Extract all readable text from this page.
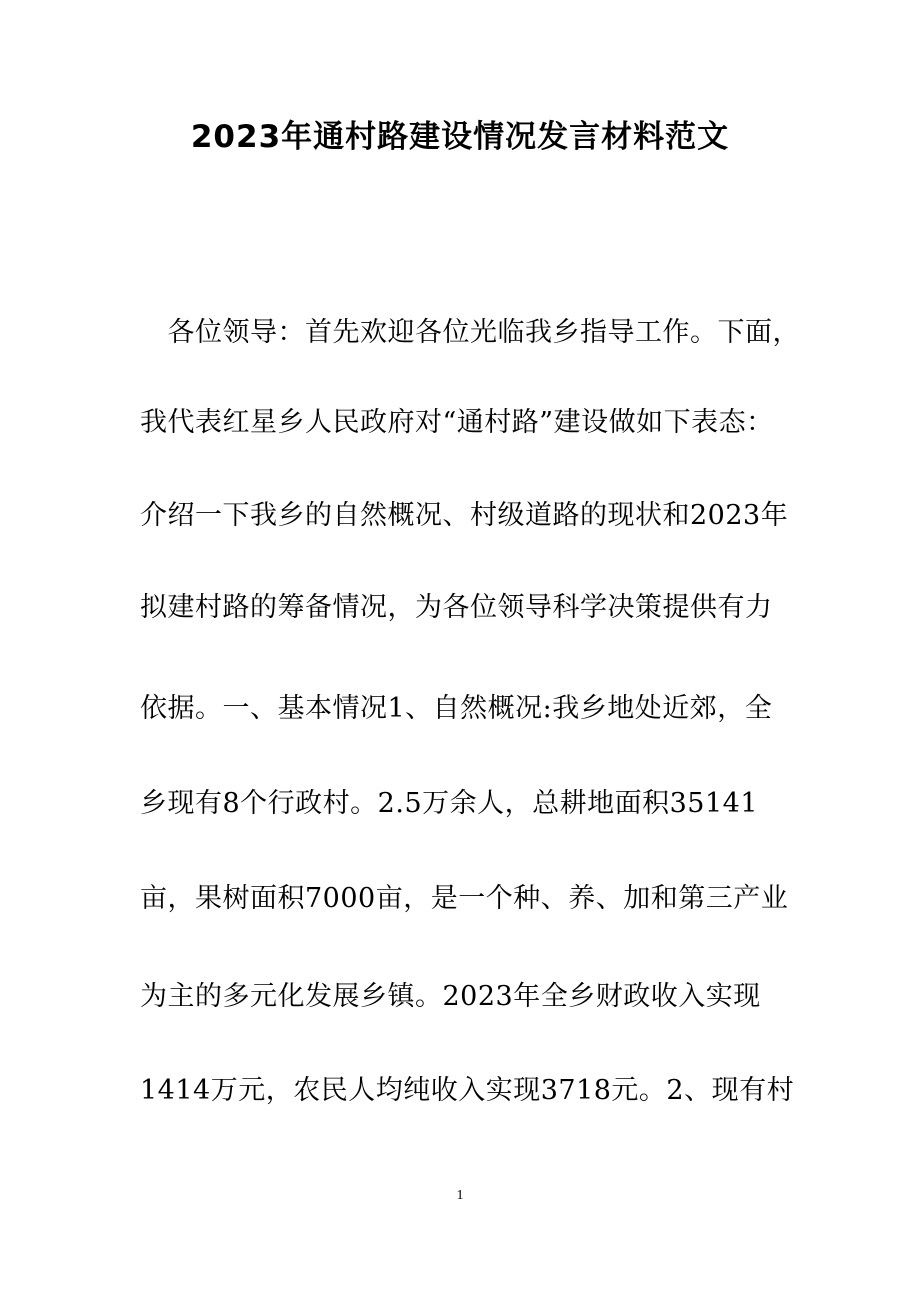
2023年通村路建设情况发言材料范文
　各位领导：首先欢迎各位光临我乡指导工作。下面，
我代表红星乡人民政府对“通村路”建设做如下表态：
介绍一下我乡的自然概况、村级道路的现状和2023年
拟建村路的筹备情况，为各位领导科学决策提供有力
依据。一、基本情况1、自然概况:我乡地处近郊，全
乡现有8个行政村。2.5万余人，总耕地面积35141
亩，果树面积7000亩，是一个种、养、加和第三产业
为主的多元化发展乡镇。2023年全乡财政收入实现
1414万元，农民人均纯收入实现3718元。2、现有村
1
